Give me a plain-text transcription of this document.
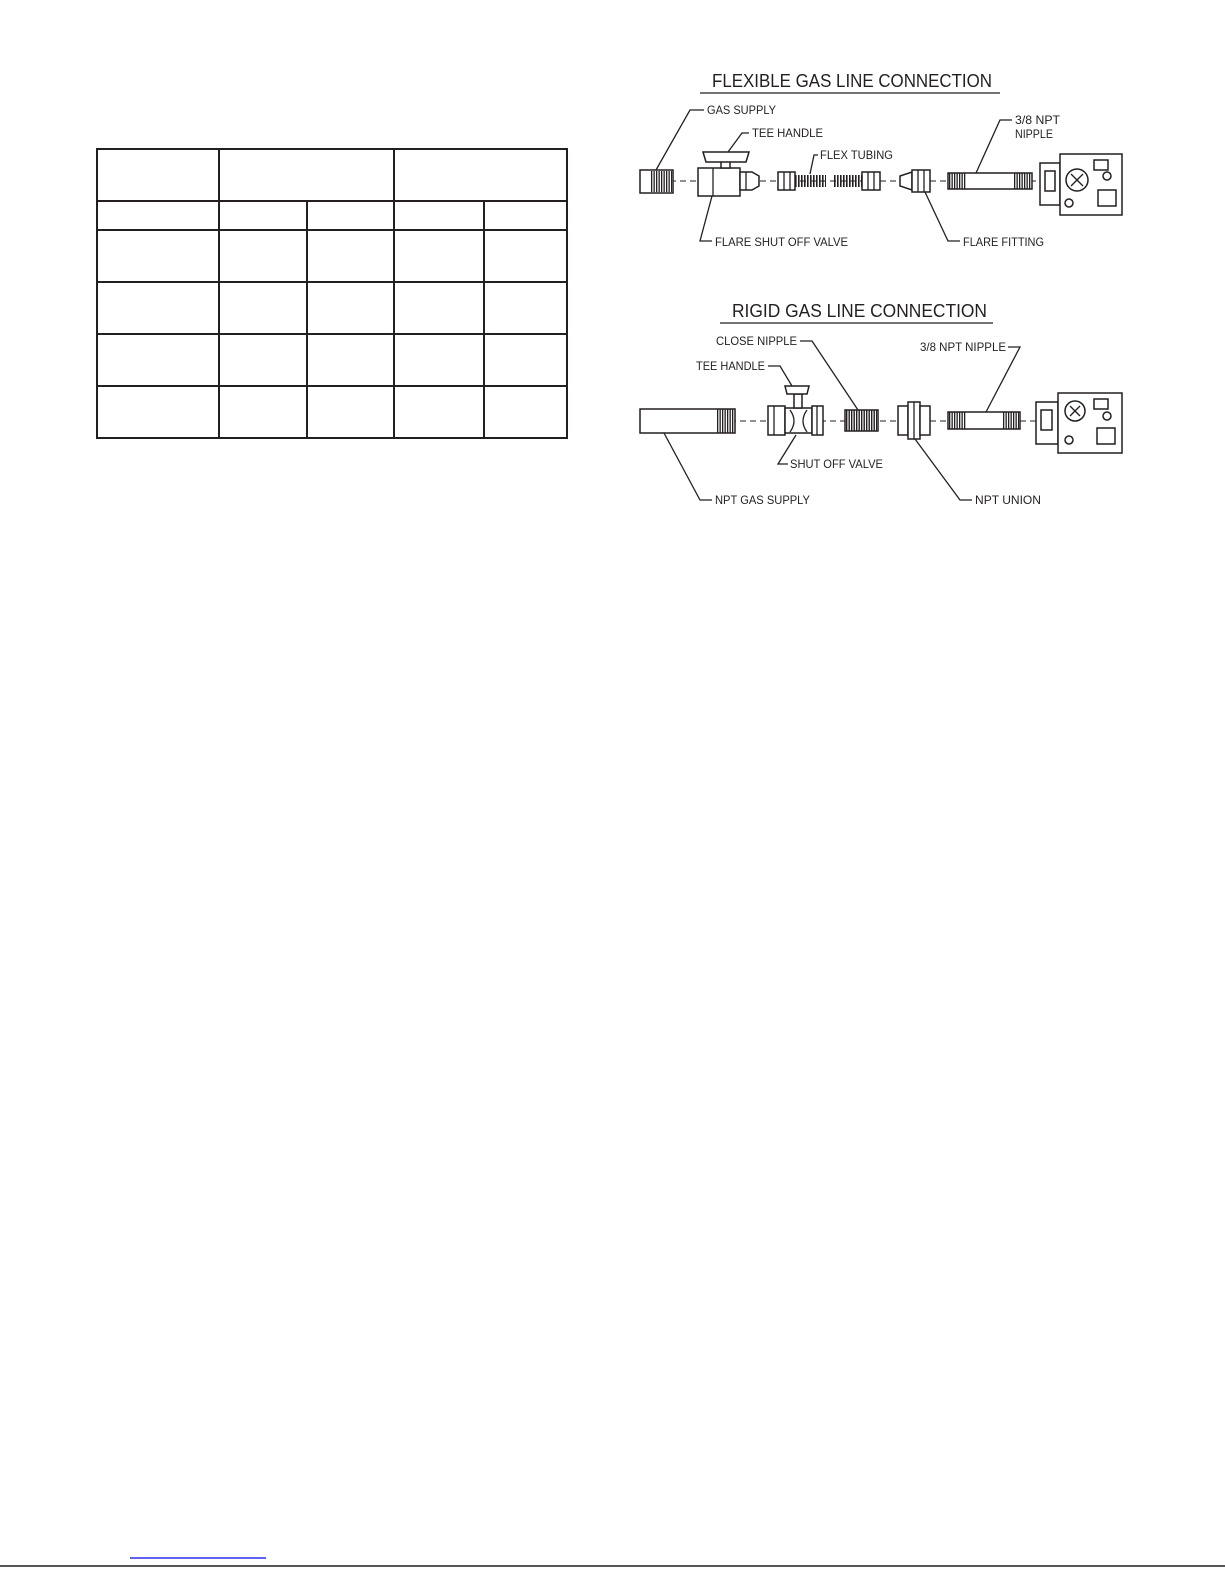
FLEXIBLE GAS LINE CONNECTION
GAS SUPPLY
TEE HANDLE
FLEX TUBING
3/8 NPT
NIPPLE
FLARE SHUT OFF VALVE	FLARE FITTING
RIGID GAS LINE CONNECTION
CLOSE NIPPLE
TEE HANDLE
3/8 NPT NIPPLE
SHUT OFF VALVE
NPT GAS SUPPLY	NPT UNION
